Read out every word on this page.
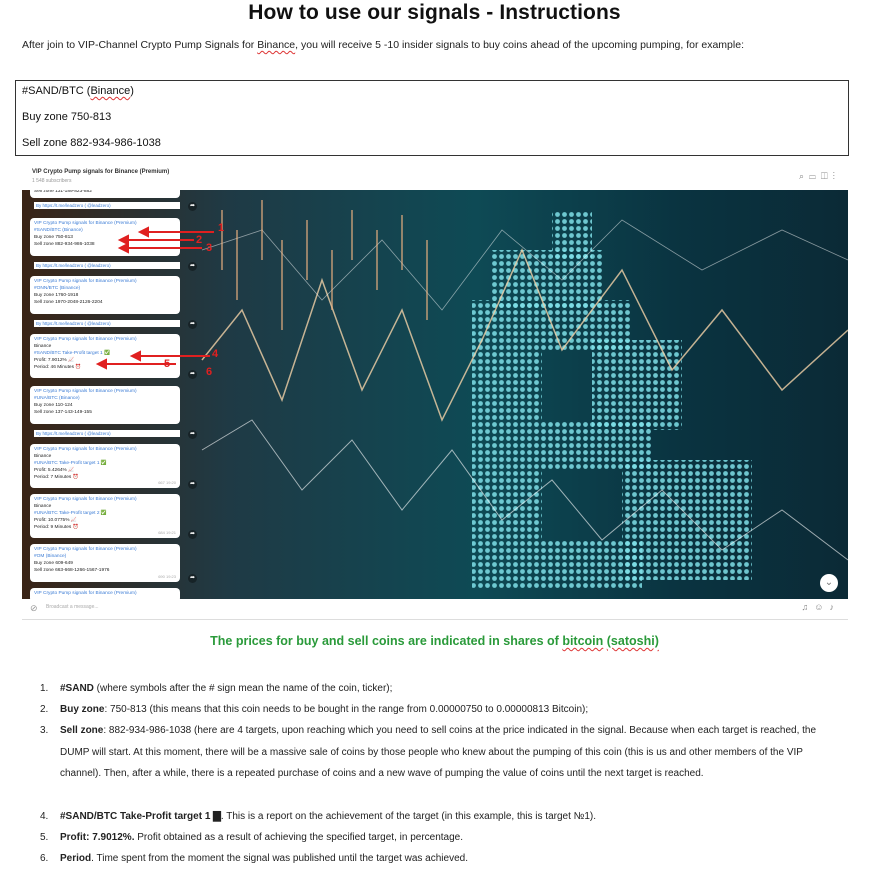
How to use our signals - Instructions
After join to VIP-Channel Crypto Pump Signals for Binance, you will receive 5 -10 insider signals to buy coins ahead of the upcoming pumping, for example:
#SAND/BTC (Binance)
Buy zone 750-813
Sell zone 882-934-986-1038
VIP Crypto Pump signals for Binance (Premium)
1 548 subscribers	⌕▭◫⋮
Sell zone 131-189-823-882
By https://t.me/leadzero ( @leadzero)
VIP Crypto Pump signals for Binance (Premium)
#SAND/BTC (Binance)
Buy zone 750-813
Sell zone 882-934-986-1038
By https://t.me/leadzero ( @leadzero)
VIP Crypto Pump signals for Binance (Premium)
#ONN/BTC (Binance)
Buy zone 1760-1918
Sell zone 1970-2048-2126-2204
By https://t.me/leadzero ( @leadzero)
VIP Crypto Pump signals for Binance (Premium)
Binance
#SAND/BTC Take-Profit target 1 ✅
Profit: 7.9012% 📈
Period: 46 Minutes ⏰
VIP Crypto Pump signals for Binance (Premium)
#UNA/BTC (Binance)
Buy zone 110-124
Sell zone 137-143-149-155
By https://t.me/leadzero ( @leadzero)
VIP Crypto Pump signals for Binance (Premium)
Binance
#UNA/BTC Take-Profit target 1 ✅
Profit: 5.4264% 📈
Period: 7 Minutes ⏰
667 19:20
VIP Crypto Pump signals for Binance (Premium)
Binance
#UNA/BTC Take-Profit target 2 ✅
Profit: 10.0775% 📈
Period: 9 Minutes ⏰
684 19:21
VIP Crypto Pump signals for Binance (Premium)
#OM (Binance)
Buy zone 609-649
Sell zone 663-668-1266-1567-1976
690 19:23
VIP Crypto Pump signals for Binance (Premium)
➦
➦
➦
➦
➦
➦
➦
➦
1
2
3
4
5
6
⌄
⊘ Broadcast a message...	♫☺♪
The prices for buy and sell coins are indicated in shares of bitcoin (satoshi)
1.	#SAND (where symbols after the # sign mean the name of the coin, ticker);
2.	Buy zone: 750-813 (this means that this coin needs to be bought in the range from 0.00000750 to 0.00000813 Bitcoin);
3.	Sell zone: 882-934-986-1038 (here are 4 targets, upon reaching which you need to sell coins at the price indicated in the signal. Because when each target is reached, the DUMP will start. At this moment, there will be a massive sale of coins by those people who knew about the pumping of this coin (this is us and other members of the VIP channel). Then, after a while, there is a repeated purchase of coins and a new wave of pumping the value of coins until the next target is reached.
4.	#SAND/BTC Take-Profit target 1 ▇. This is a report on the achievement of the target (in this example, this is target №1).
5.	Profit: 7.9012%. Profit obtained as a result of achieving the specified target, in percentage.
6.	Period. Time spent from the moment the signal was published until the target was achieved.
